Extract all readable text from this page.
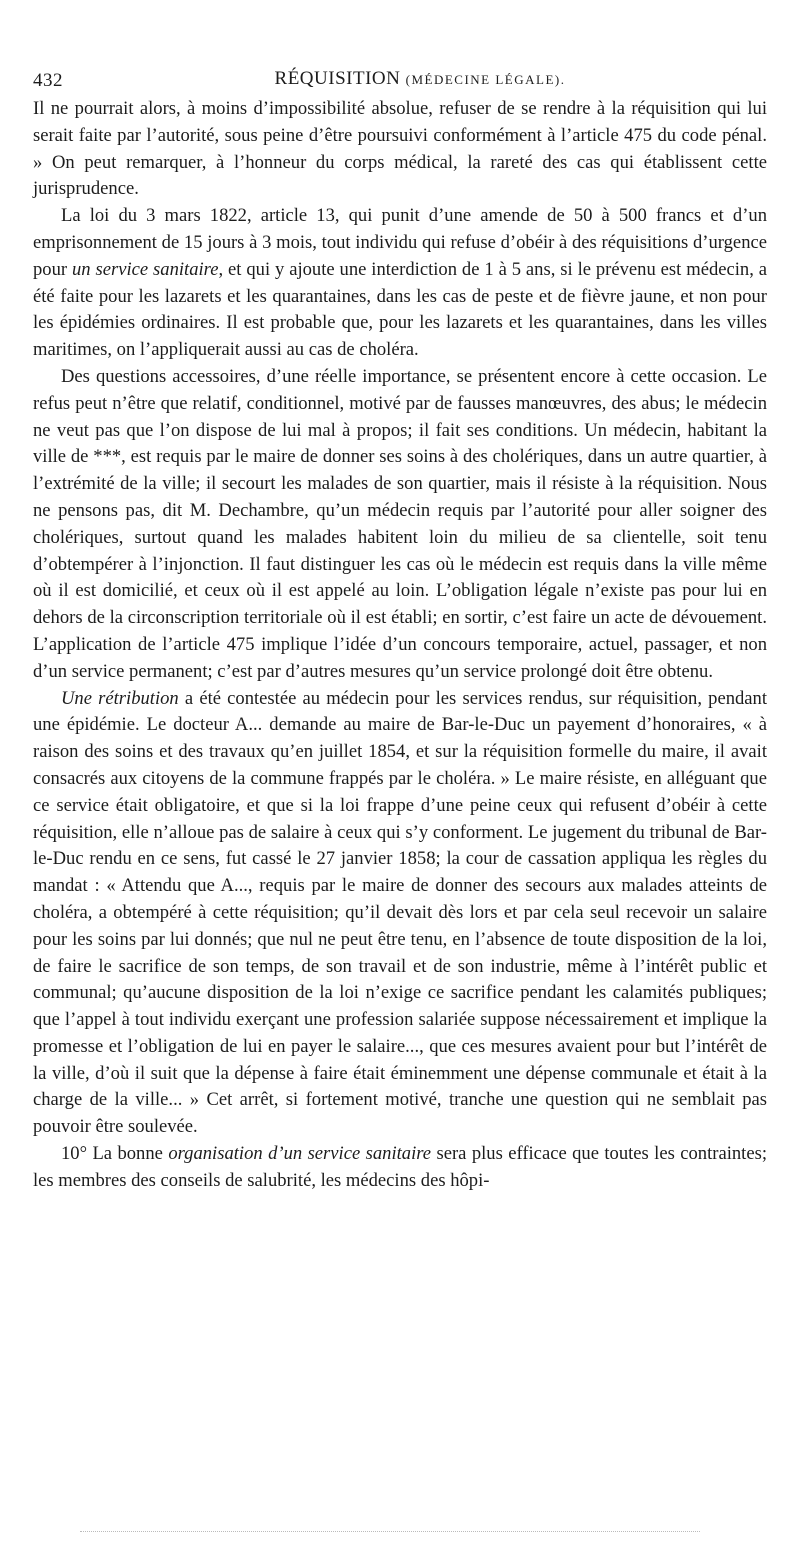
432	RÉQUISITION (MÉDECINE LÉGALE).

Il ne pourrait alors, à moins d’impossibilité absolue, refuser de se rendre à la réquisition qui lui serait faite par l’autorité, sous peine d’être poursuivi conformément à l’article 475 du code pénal. » On peut remarquer, à l’honneur du corps médical, la rareté des cas qui établissent cette jurisprudence.

La loi du 3 mars 1822, article 13, qui punit d’une amende de 50 à 500 francs et d’un emprisonnement de 15 jours à 3 mois, tout individu qui refuse d’obéir à des réquisitions d’urgence pour un service sanitaire, et qui y ajoute une interdiction de 1 à 5 ans, si le prévenu est médecin, a été faite pour les lazarets et les quarantaines, dans les cas de peste et de fièvre jaune, et non pour les épidémies ordinaires. Il est probable que, pour les lazarets et les quarantaines, dans les villes maritimes, on l’appliquerait aussi au cas de choléra.

Des questions accessoires, d’une réelle importance, se présentent encore à cette occasion. Le refus peut n’être que relatif, conditionnel, motivé par de fausses manœuvres, des abus; le médecin ne veut pas que l’on dispose de lui mal à propos; il fait ses conditions. Un médecin, habitant la ville de ***, est requis par le maire de donner ses soins à des cholériques, dans un autre quartier, à l’extrémité de la ville; il secourt les malades de son quartier, mais il résiste à la réquisition. Nous ne pensons pas, dit M. Dechambre, qu’un médecin requis par l’autorité pour aller soigner des cholériques, surtout quand les malades habitent loin du milieu de sa clientelle, soit tenu d’obtempérer à l’injonction. Il faut distinguer les cas où le médecin est requis dans la ville même où il est domicilié, et ceux où il est appelé au loin. L’obligation légale n’existe pas pour lui en dehors de la circonscription territoriale où il est établi; en sortir, c’est faire un acte de dévouement. L’application de l’article 475 implique l’idée d’un concours temporaire, actuel, passager, et non d’un service permanent; c’est par d’autres mesures qu’un service prolongé doit être obtenu.

Une rétribution a été contestée au médecin pour les services rendus, sur réquisition, pendant une épidémie. Le docteur A... demande au maire de Bar-le-Duc un payement d’honoraires, « à raison des soins et des travaux qu’en juillet 1854, et sur la réquisition formelle du maire, il avait consacrés aux citoyens de la commune frappés par le choléra. » Le maire résiste, en alléguant que ce service était obligatoire, et que si la loi frappe d’une peine ceux qui refusent d’obéir à cette réquisition, elle n’alloue pas de salaire à ceux qui s’y conforment. Le jugement du tribunal de Bar-le-Duc rendu en ce sens, fut cassé le 27 janvier 1858; la cour de cassation appliqua les règles du mandat : « Attendu que A..., requis par le maire de donner des secours aux malades atteints de choléra, a obtempéré à cette réquisition; qu’il devait dès lors et par cela seul recevoir un salaire pour les soins par lui donnés; que nul ne peut être tenu, en l’absence de toute disposition de la loi, de faire le sacrifice de son temps, de son travail et de son industrie, même à l’intérêt public et communal; qu’aucune disposition de la loi n’exige ce sacrifice pendant les calamités publiques; que l’appel à tout individu exerçant une profession salariée suppose nécessairement et implique la promesse et l’obligation de lui en payer le salaire..., que ces mesures avaient pour but l’intérêt de la ville, d’où il suit que la dépense à faire était éminemment une dépense communale et était à la charge de la ville... » Cet arrêt, si fortement motivé, tranche une question qui ne semblait pas pouvoir être soulevée.

10° La bonne organisation d’un service sanitaire sera plus efficace que toutes les contraintes; les membres des conseils de salubrité, les médecins des hôpi-
